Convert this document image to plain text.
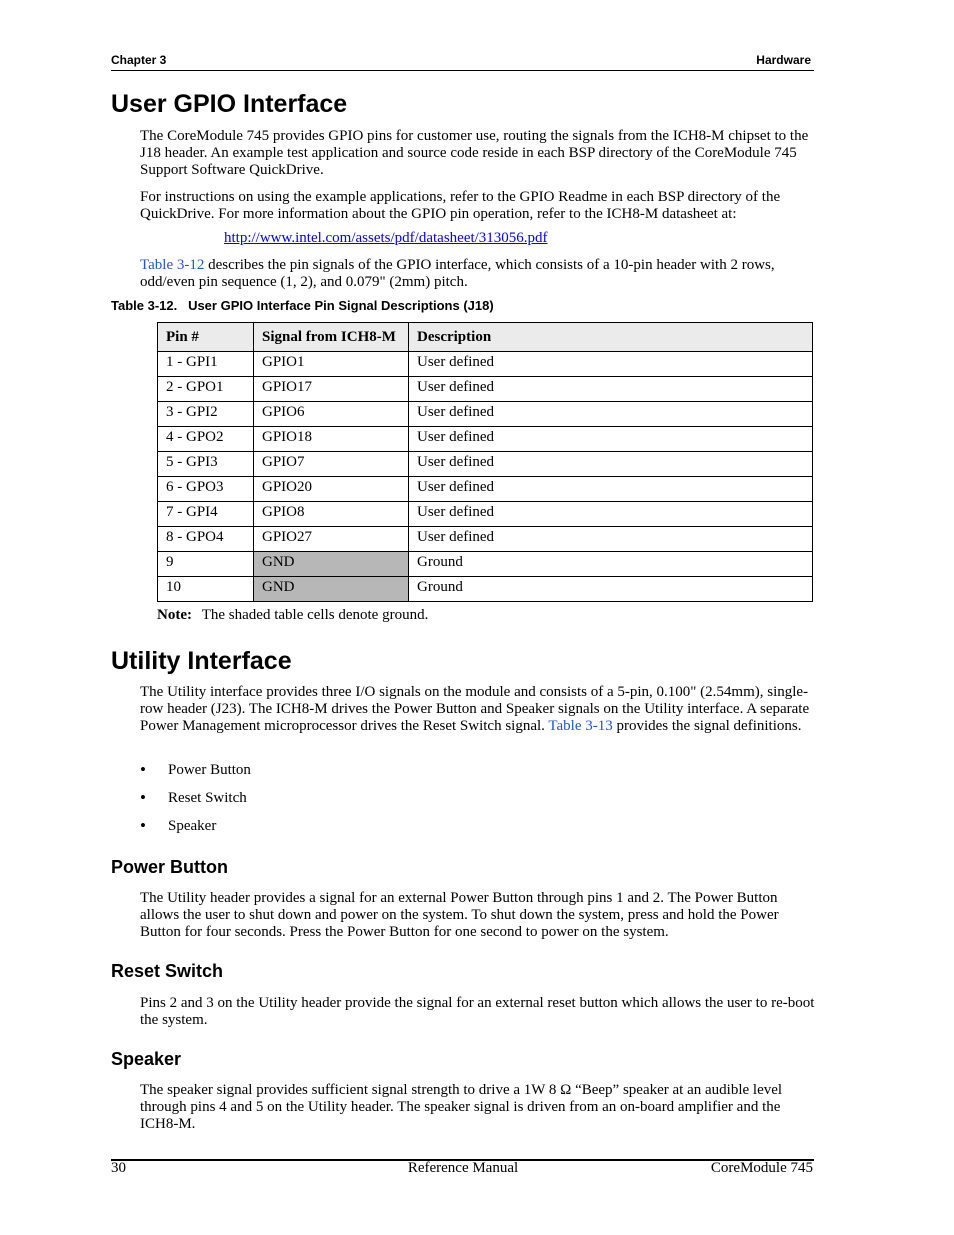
Chapter 3	Hardware
User GPIO Interface

The CoreModule 745 provides GPIO pins for customer use, routing the signals from the ICH8-M chipset to the J18 header. An example test application and source code reside in each BSP directory of the CoreModule 745 Support Software QuickDrive.

For instructions on using the example applications, refer to the GPIO Readme in each BSP directory of the QuickDrive. For more information about the GPIO pin operation, refer to the ICH8-M datasheet at:

http://www.intel.com/assets/pdf/datasheet/313056.pdf

Table 3-12 describes the pin signals of the GPIO interface, which consists of a 10-pin header with 2 rows, odd/even pin sequence (1, 2), and 0.079" (2mm) pitch.

Table 3-12.   User GPIO Interface Pin Signal Descriptions (J18)
Pin #	Signal from ICH8-M	Description
1 - GPI1	GPIO1	User defined
2 - GPO1	GPIO17	User defined
3 - GPI2	GPIO6	User defined
4 - GPO2	GPIO18	User defined
5 - GPI3	GPIO7	User defined
6 - GPO3	GPIO20	User defined
7 - GPI4	GPIO8	User defined
8 - GPO4	GPIO27	User defined
9	GND	Ground
10	GND	Ground
Note: The shaded table cells denote ground.
Utility Interface

The Utility interface provides three I/O signals on the module and consists of a 5-pin, 0.100" (2.54mm), single-row header (J23). The ICH8-M drives the Power Button and Speaker signals on the Utility interface. A separate Power Management microprocessor drives the Reset Switch signal. Table 3-13 provides the signal definitions.

• Power Button
• Reset Switch
• Speaker
Power Button

The Utility header provides a signal for an external Power Button through pins 1 and 2. The Power Button allows the user to shut down and power on the system. To shut down the system, press and hold the Power Button for four seconds. Press the Power Button for one second to power on the system.

Reset Switch

Pins 2 and 3 on the Utility header provide the signal for an external reset button which allows the user to re-boot the system.

Speaker

The speaker signal provides sufficient signal strength to drive a 1W 8 Ω “Beep” speaker at an audible level through pins 4 and 5 on the Utility header. The speaker signal is driven from an on-board amplifier and the ICH8-M.

30	Reference Manual	CoreModule 745
